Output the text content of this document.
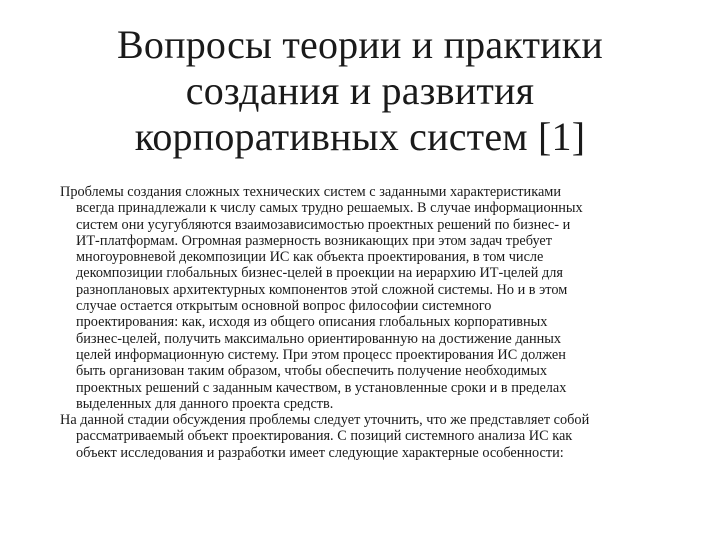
Вопросы теории и практики
создания и развития
корпоративных систем [1]

Проблемы создания сложных технических систем с заданными характеристиками
всегда принадлежали к числу самых трудно решаемых. В случае информационных
систем они усугубляются взаимозависимостью проектных решений по бизнес- и
ИТ-платформам. Огромная размерность возникающих при этом задач требует
многоуровневой декомпозиции ИС как объекта проектирования, в том числе
декомпозиции глобальных бизнес-целей в проекции на иерархию ИТ-целей для
разноплановых архитектурных компонентов этой сложной системы. Но и в этом
случае остается открытым основной вопрос философии системного
проектирования: как, исходя из общего описания глобальных корпоративных
бизнес-целей, получить максимально ориентированную на достижение данных
целей информационную систему. При этом процесс проектирования ИС должен
быть организован таким образом, чтобы обеспечить получение необходимых
проектных решений с заданным качеством, в установленные сроки и в пределах
выделенных для данного проекта средств.

На данной стадии обсуждения проблемы следует уточнить, что же представляет собой
рассматриваемый объект проектирования. С позиций системного анализа ИС как
объект исследования и разработки имеет следующие характерные особенности:
